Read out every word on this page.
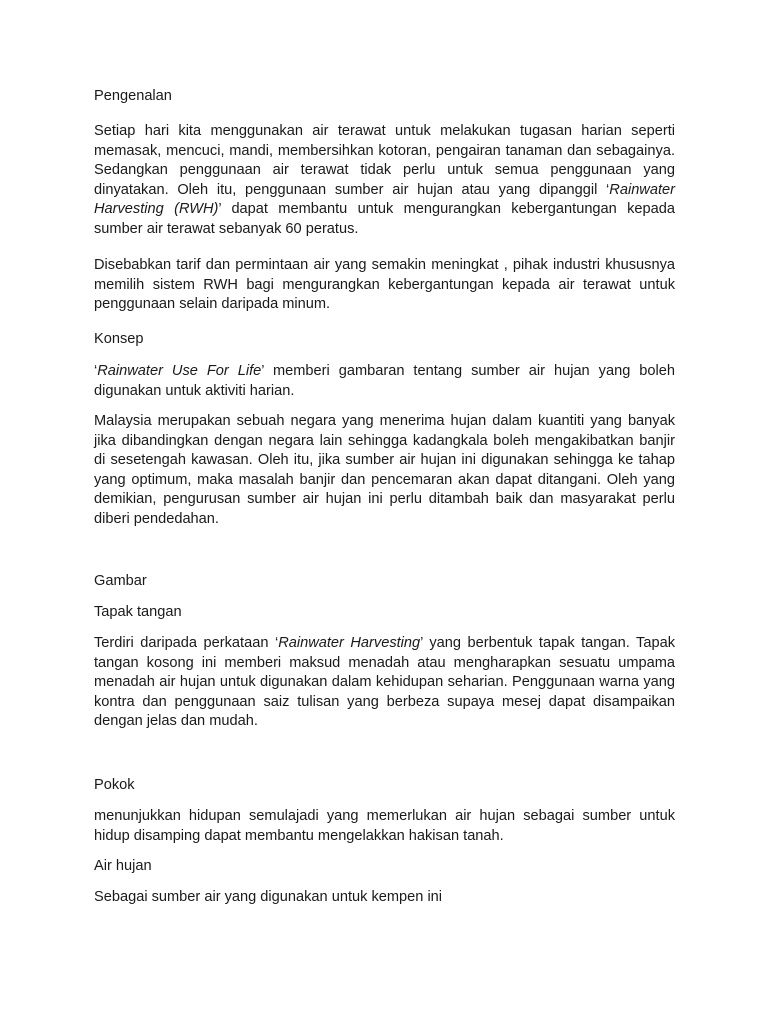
Pengenalan

Setiap hari kita menggunakan air terawat untuk melakukan tugasan harian seperti memasak, mencuci, mandi, membersihkan kotoran, pengairan tanaman dan sebagainya. Sedangkan penggunaan air terawat tidak perlu untuk semua penggunaan yang dinyatakan. Oleh itu, penggunaan sumber air hujan atau yang dipanggil ‘Rainwater Harvesting (RWH)’ dapat membantu untuk mengurangkan kebergantungan kepada sumber air terawat sebanyak 60 peratus.

Disebabkan tarif dan permintaan air yang semakin meningkat , pihak industri khususnya memilih sistem RWH bagi mengurangkan kebergantungan kepada air terawat untuk penggunaan selain daripada minum.

Konsep

‘Rainwater Use For Life’ memberi gambaran tentang sumber air hujan yang boleh digunakan untuk aktiviti harian.

Malaysia merupakan sebuah negara yang menerima hujan dalam kuantiti yang banyak jika dibandingkan dengan negara lain sehingga kadangkala boleh mengakibatkan banjir di sesetengah kawasan. Oleh itu, jika sumber air hujan ini digunakan sehingga ke tahap yang optimum, maka masalah banjir dan pencemaran akan dapat ditangani. Oleh yang demikian, pengurusan sumber air hujan ini perlu ditambah baik dan masyarakat perlu diberi pendedahan.

Gambar

Tapak tangan

Terdiri daripada perkataan ‘Rainwater Harvesting’ yang berbentuk tapak tangan. Tapak tangan kosong ini memberi maksud menadah atau mengharapkan sesuatu umpama menadah air hujan untuk digunakan dalam kehidupan seharian. Penggunaan warna yang kontra dan penggunaan saiz tulisan yang berbeza supaya mesej dapat disampaikan dengan jelas dan mudah.

Pokok

menunjukkan hidupan semulajadi yang memerlukan air hujan sebagai sumber untuk hidup disamping dapat membantu mengelakkan hakisan tanah.

Air hujan

Sebagai sumber air yang digunakan untuk kempen ini
